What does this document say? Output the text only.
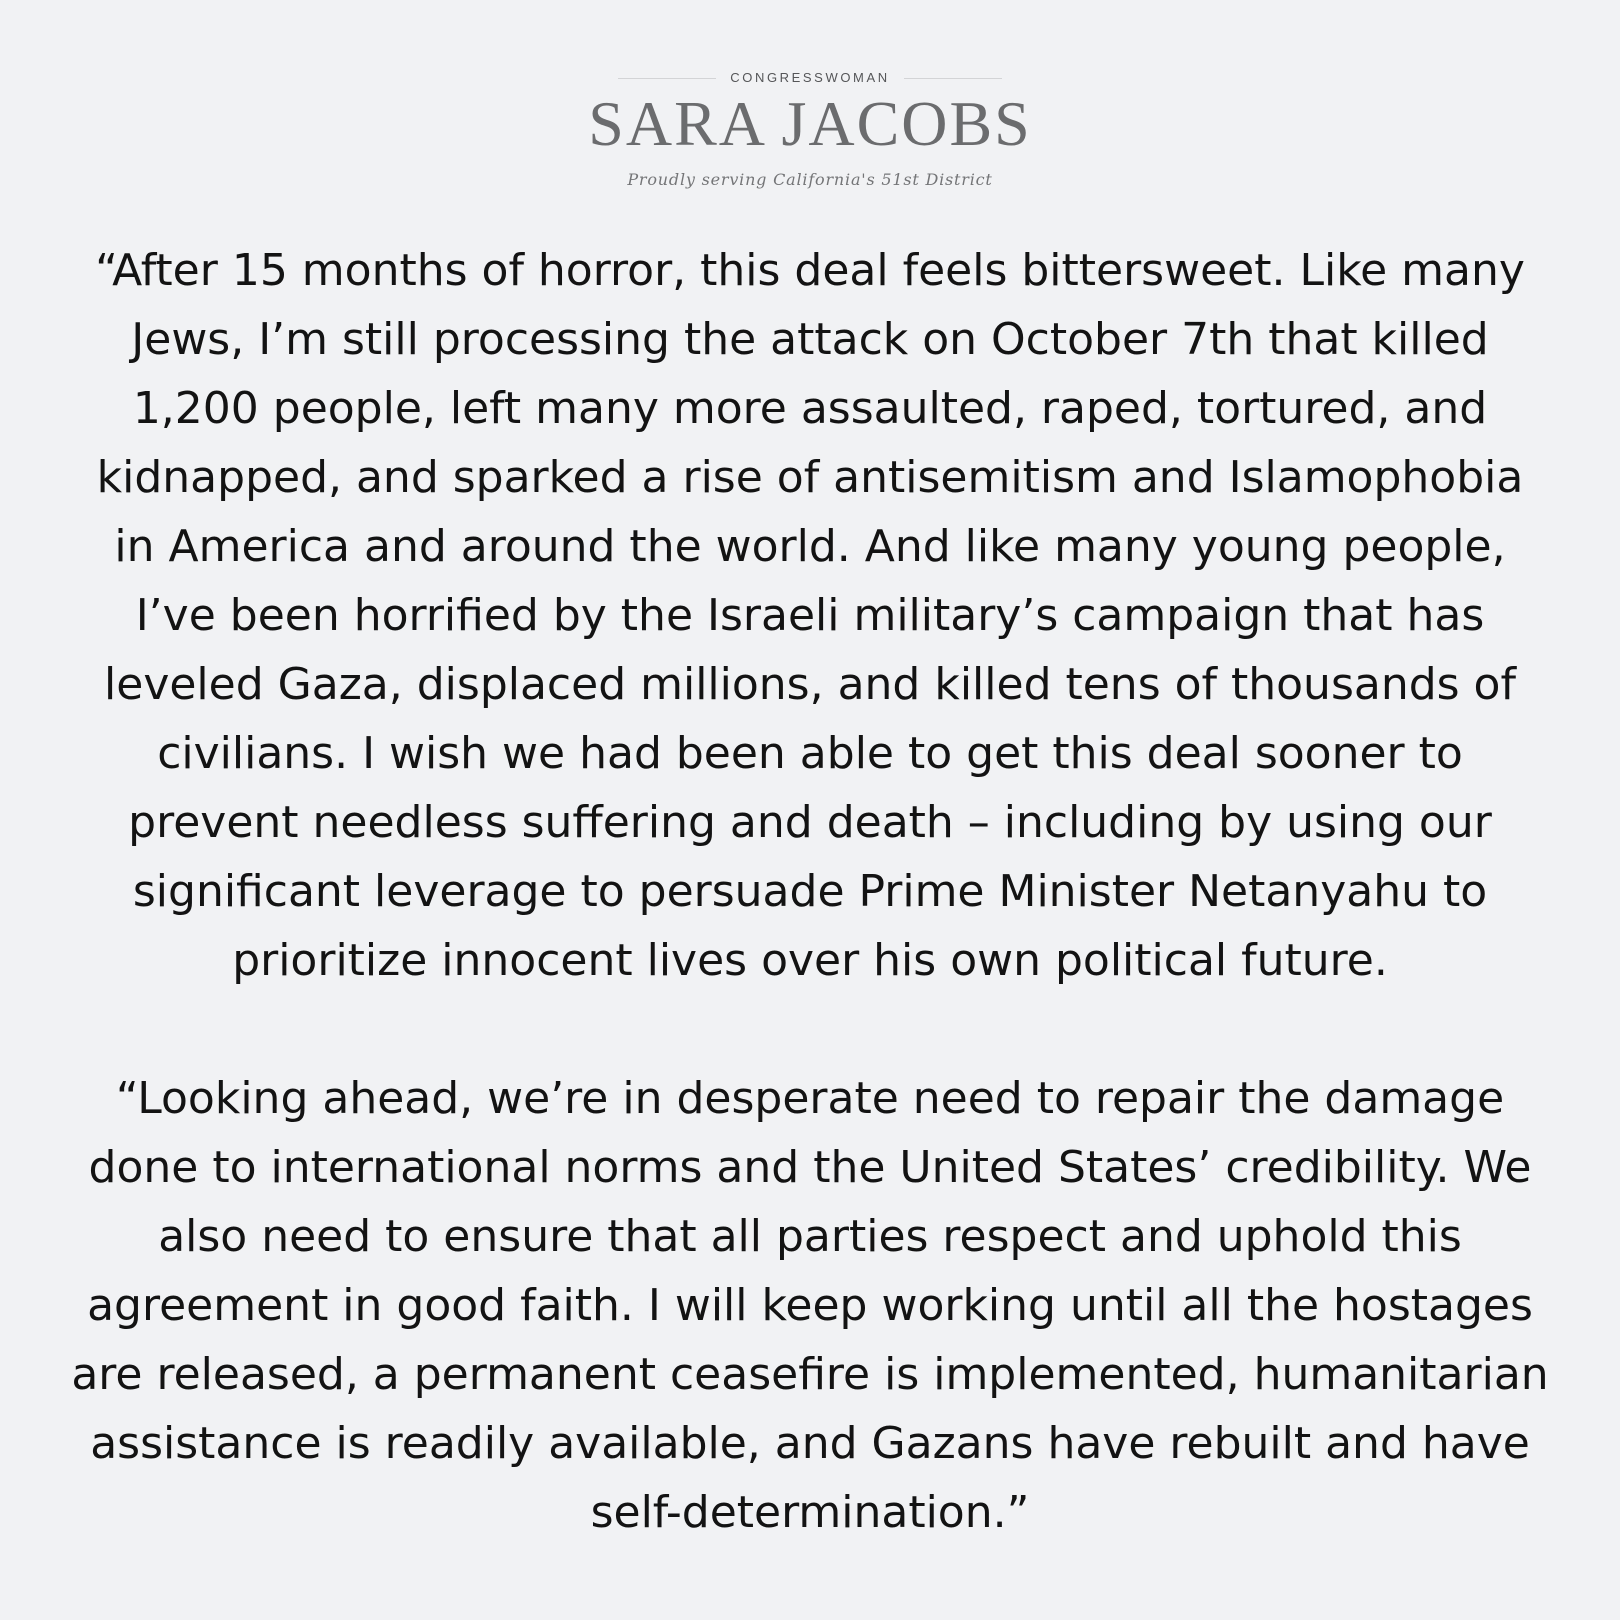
CONGRESSWOMAN
SARA JACOBS
Proudly serving California's 51st District

“After 15 months of horror, this deal feels bittersweet. Like many
Jews, I’m still processing the attack on October 7th that killed
1,200 people, left many more assaulted, raped, tortured, and
kidnapped, and sparked a rise of antisemitism and Islamophobia
in America and around the world. And like many young people,
I’ve been horrified by the Israeli military’s campaign that has
leveled Gaza, displaced millions, and killed tens of thousands of
civilians. I wish we had been able to get this deal sooner to
prevent needless suffering and death – including by using our
significant leverage to persuade Prime Minister Netanyahu to
prioritize innocent lives over his own political future.

“Looking ahead, we’re in desperate need to repair the damage
done to international norms and the United States’ credibility. We
also need to ensure that all parties respect and uphold this
agreement in good faith. I will keep working until all the hostages
are released, a permanent ceasefire is implemented, humanitarian
assistance is readily available, and Gazans have rebuilt and have
self-determination.”
